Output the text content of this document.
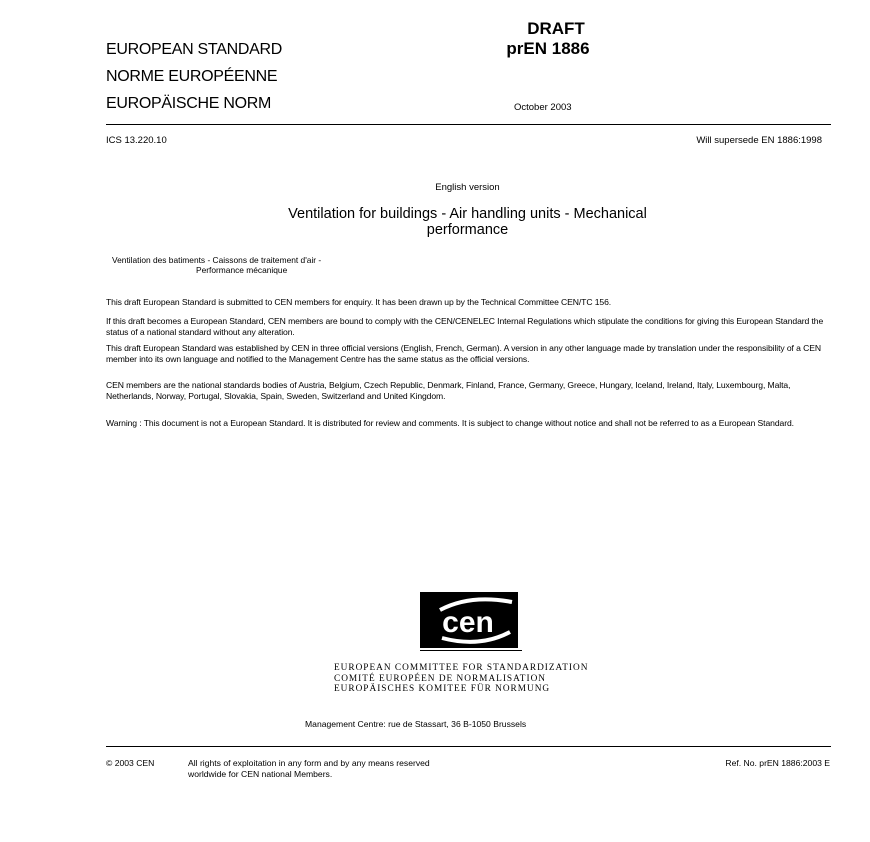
EUROPEAN STANDARD
NORME EUROPÉENNE
EUROPÄISCHE NORM
DRAFT
prEN 1886
October 2003
ICS 13.220.10	Will supersede EN 1886:1998
English version
Ventilation for buildings - Air handling units - Mechanical
performance
Ventilation des batiments - Caissons de traitement d'air -
Performance mécanique
This draft European Standard is submitted to CEN members for enquiry. It has been drawn up by the Technical Committee CEN/TC 156.
If this draft becomes a European Standard, CEN members are bound to comply with the CEN/CENELEC Internal Regulations which stipulate the conditions for giving this European Standard the status of a national standard without any alteration.
This draft European Standard was established by CEN in three official versions (English, French, German). A version in any other language made by translation under the responsibility of a CEN member into its own language and notified to the Management Centre has the same status as the official versions.
CEN members are the national standards bodies of Austria, Belgium, Czech Republic, Denmark, Finland, France, Germany, Greece, Hungary, Iceland, Ireland, Italy, Luxembourg, Malta, Netherlands, Norway, Portugal, Slovakia, Spain, Sweden, Switzerland and United Kingdom.
Warning : This document is not a European Standard. It is distributed for review and comments. It is subject to change without notice and shall not be referred to as a European Standard.
cen
EUROPEAN COMMITTEE FOR STANDARDIZATION
COMITÉ EUROPÉEN DE NORMALISATION
EUROPÄISCHES KOMITEE FÜR NORMUNG
Management Centre: rue de Stassart, 36 B-1050 Brussels
© 2003 CEN	All rights of exploitation in any form and by any means reserved
worldwide for CEN national Members.
Ref. No. prEN 1886:2003 E
